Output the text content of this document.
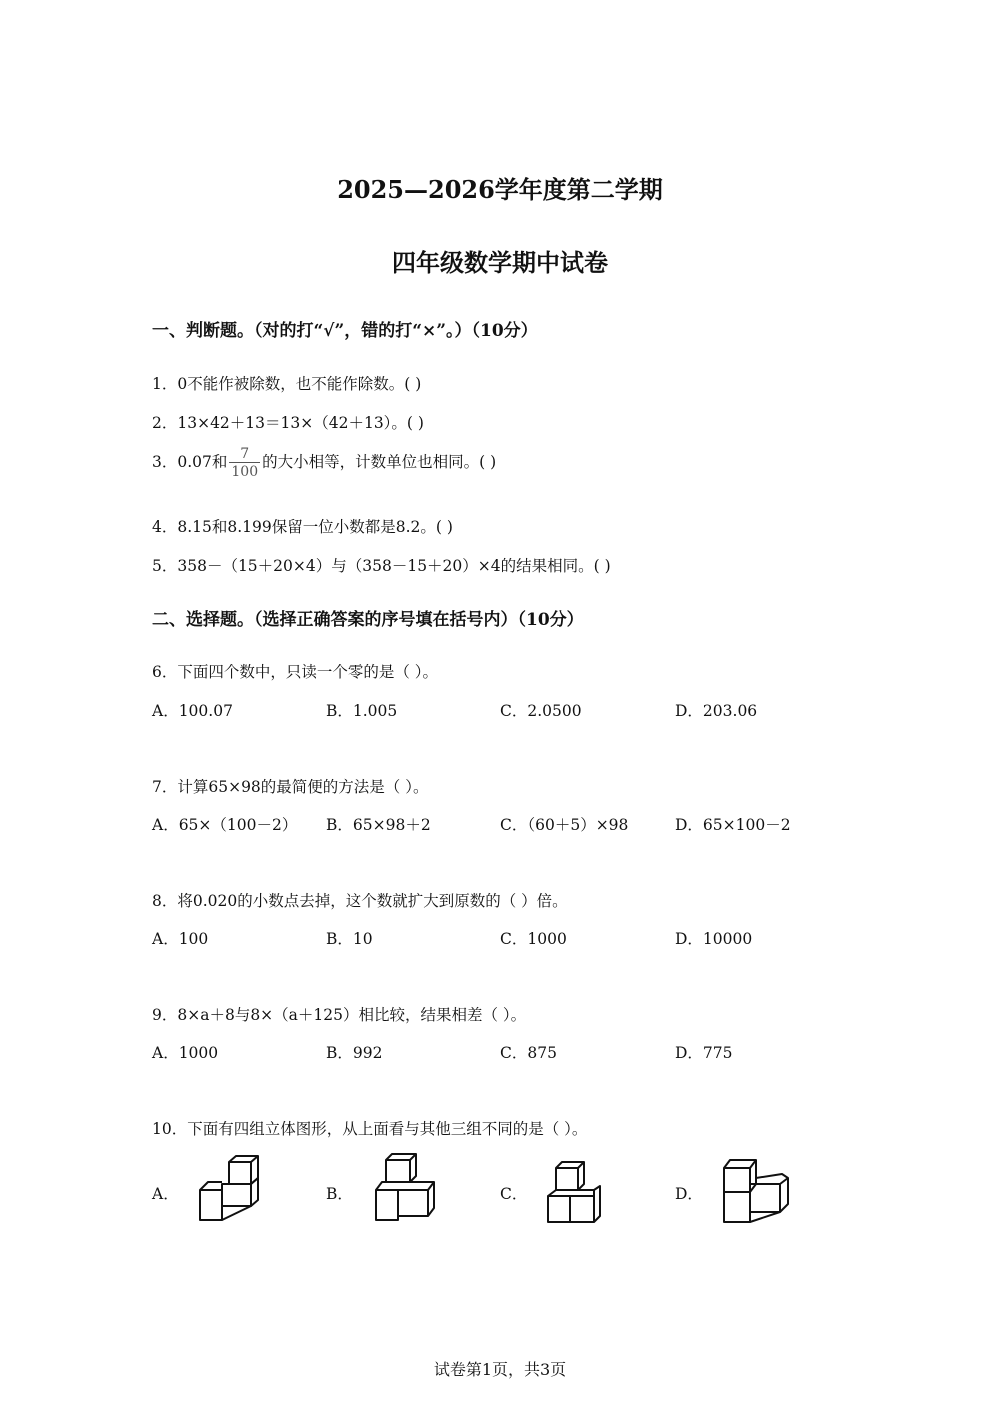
2025—2026学年度第二学期
四年级数学期中试卷
一、判断题。（对的打“√”，错的打“×”。）（10分）
1．0不能作被除数，也不能作除数。( )
2．13×42＋13＝13×（42＋13）。( )
3．0.07和 $\frac{7}{100}$ 的大小相等，计数单位也相同。( )
4．8.15和8.199保留一位小数都是8.2。( )
5．358－（15＋20×4）与（358－15＋20）×4的结果相同。( )
二、选择题。（选择正确答案的序号填在括号内）（10分）
6．下面四个数中，只读一个零的是（ ）。
A．100.07	B．1.005	C．2.0500	D．203.06
7．计算65×98的最简便的方法是（ ）。
A．65×（100－2） B．65×98＋2	C．（60＋5）×98	D．65×100－2
8．将0.020的小数点去掉，这个数就扩大到原数的（ ）倍。
A．100	B．10	C．1000	D．10000
9．8×a＋8与8×（a＋125）相比较，结果相差（ ）。
A．1000	B．992	C．875	D．775
10．下面有四组立体图形，从上面看与其他三组不同的是（ ）。
A．	B．	C．	D．
试卷第1页，共3页
